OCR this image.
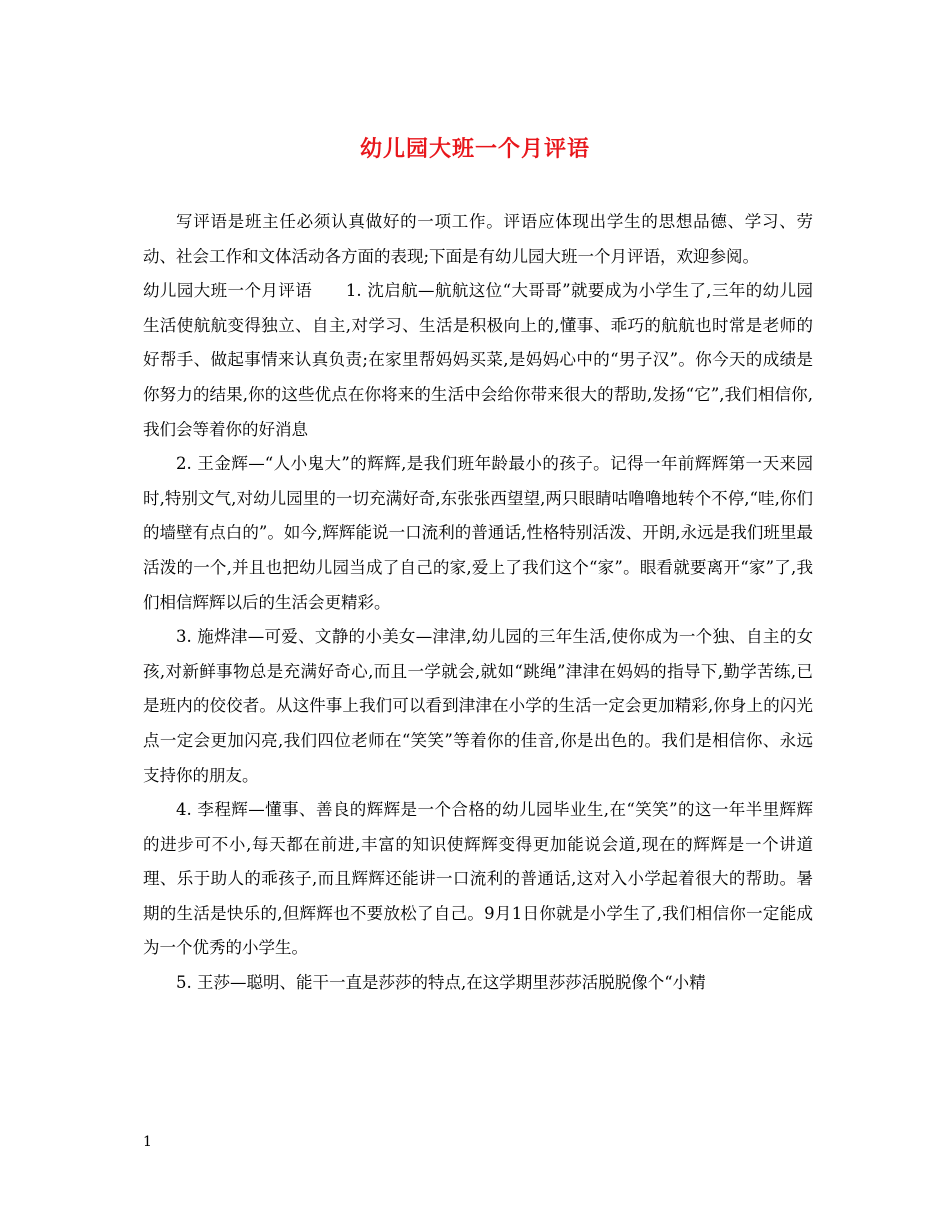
幼儿园大班一个月评语

写评语是班主任必须认真做好的一项工作。评语应体现出学生的思想品德、学习、劳动、社会工作和文体活动各方面的表现;下面是有幼儿园大班一个月评语，欢迎参阅。

幼儿园大班一个月评语　　1. 沈启航—航航这位“大哥哥”就要成为小学生了,三年的幼儿园生活使航航变得独立、自主,对学习、生活是积极向上的,懂事、乖巧的航航也时常是老师的好帮手、做起事情来认真负责;在家里帮妈妈买菜,是妈妈心中的“男子汉”。你今天的成绩是你努力的结果,你的这些优点在你将来的生活中会给你带来很大的帮助,发扬“它”,我们相信你,我们会等着你的好消息

2. 王金辉—“人小鬼大”的辉辉,是我们班年龄最小的孩子。记得一年前辉辉第一天来园时,特别文气,对幼儿园里的一切充满好奇,东张张西望望,两只眼睛咕噜噜地转个不停,“哇,你们的墙壁有点白的”。如今,辉辉能说一口流利的普通话,性格特别活泼、开朗,永远是我们班里最活泼的一个,并且也把幼儿园当成了自己的家,爱上了我们这个“家”。眼看就要离开“家”了,我们相信辉辉以后的生活会更精彩。

3. 施烨津—可爱、文静的小美女—津津,幼儿园的三年生活,使你成为一个独、自主的女孩,对新鲜事物总是充满好奇心,而且一学就会,就如“跳绳”津津在妈妈的指导下,勤学苦练,已是班内的佼佼者。从这件事上我们可以看到津津在小学的生活一定会更加精彩,你身上的闪光点一定会更加闪亮,我们四位老师在“笑笑”等着你的佳音,你是出色的。我们是相信你、永远支持你的朋友。

4. 李程辉—懂事、善良的辉辉是一个合格的幼儿园毕业生,在“笑笑”的这一年半里辉辉的进步可不小,每天都在前进,丰富的知识使辉辉变得更加能说会道,现在的辉辉是一个讲道理、乐于助人的乖孩子,而且辉辉还能讲一口流利的普通话,这对入小学起着很大的帮助。暑期的生活是快乐的,但辉辉也不要放松了自己。9月1日你就是小学生了,我们相信你一定能成为一个优秀的小学生。

5. 王莎—聪明、能干一直是莎莎的特点,在这学期里莎莎活脱脱像个“小精

1
